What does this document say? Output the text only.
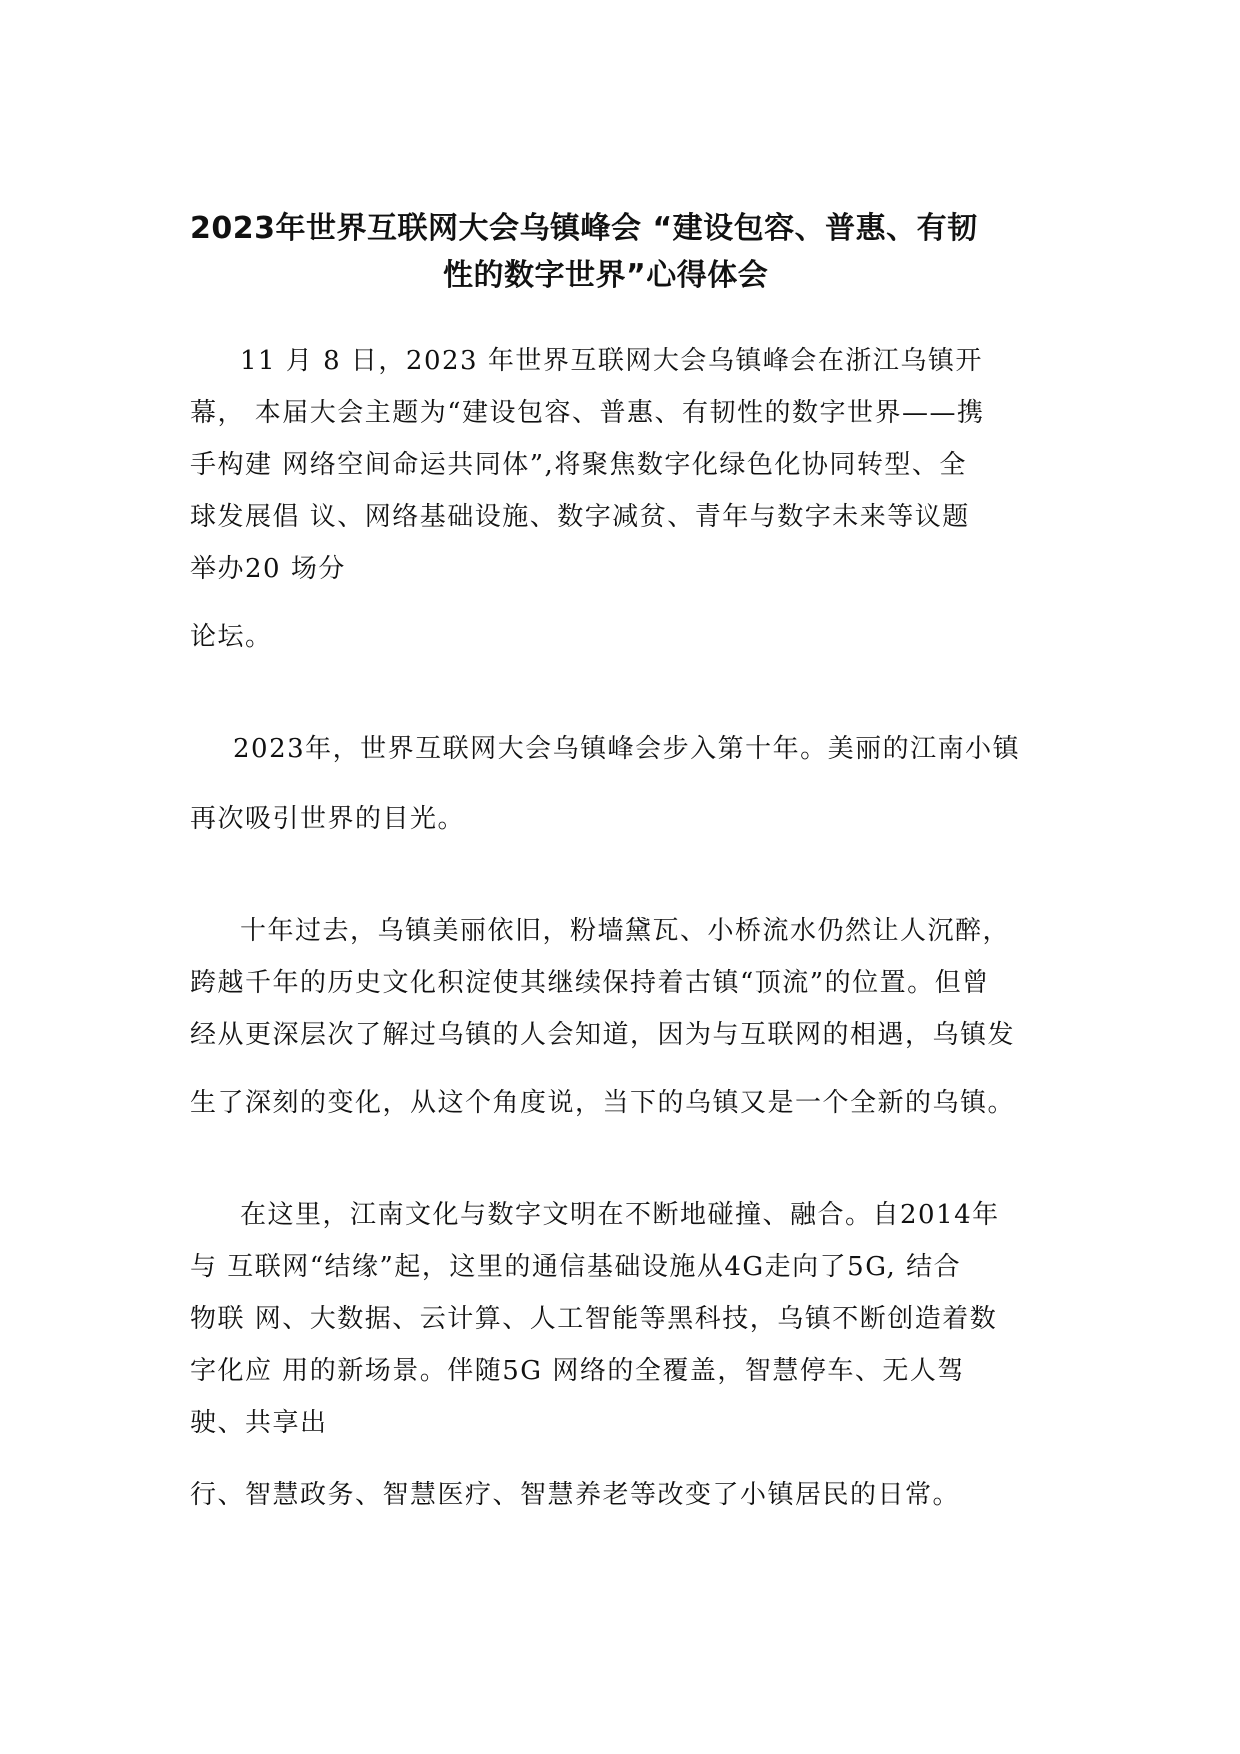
2023年世界互联网大会乌镇峰会 “建设包容、普惠、有韧
性的数字世界”心得体会
11 月 8 日，2023 年世界互联网大会乌镇峰会在浙江乌镇开
幕， 本届大会主题为“建设包容、普惠、有韧性的数字世界——携
手构建 网络空间命运共同体”,将聚焦数字化绿色化协同转型、全
球发展倡 议、网络基础设施、数字减贫、青年与数字未来等议题
举办20 场分
论坛。
2023年，世界互联网大会乌镇峰会步入第十年。美丽的江南小镇
再次吸引世界的目光。
十年过去，乌镇美丽依旧，粉墙黛瓦、小桥流水仍然让人沉醉，
跨越千年的历史文化积淀使其继续保持着古镇“顶流”的位置。但曾
经从更深层次了解过乌镇的人会知道，因为与互联网的相遇，乌镇发
生了深刻的变化，从这个角度说，当下的乌镇又是一个全新的乌镇。
在这里，江南文化与数字文明在不断地碰撞、融合。自2014年
与 互联网“结缘”起，这里的通信基础设施从4G走向了5G, 结合
物联 网、大数据、云计算、人工智能等黑科技，乌镇不断创造着数
字化应 用的新场景。伴随5G 网络的全覆盖，智慧停车、无人驾
驶、共享出
行、智慧政务、智慧医疗、智慧养老等改变了小镇居民的日常。
